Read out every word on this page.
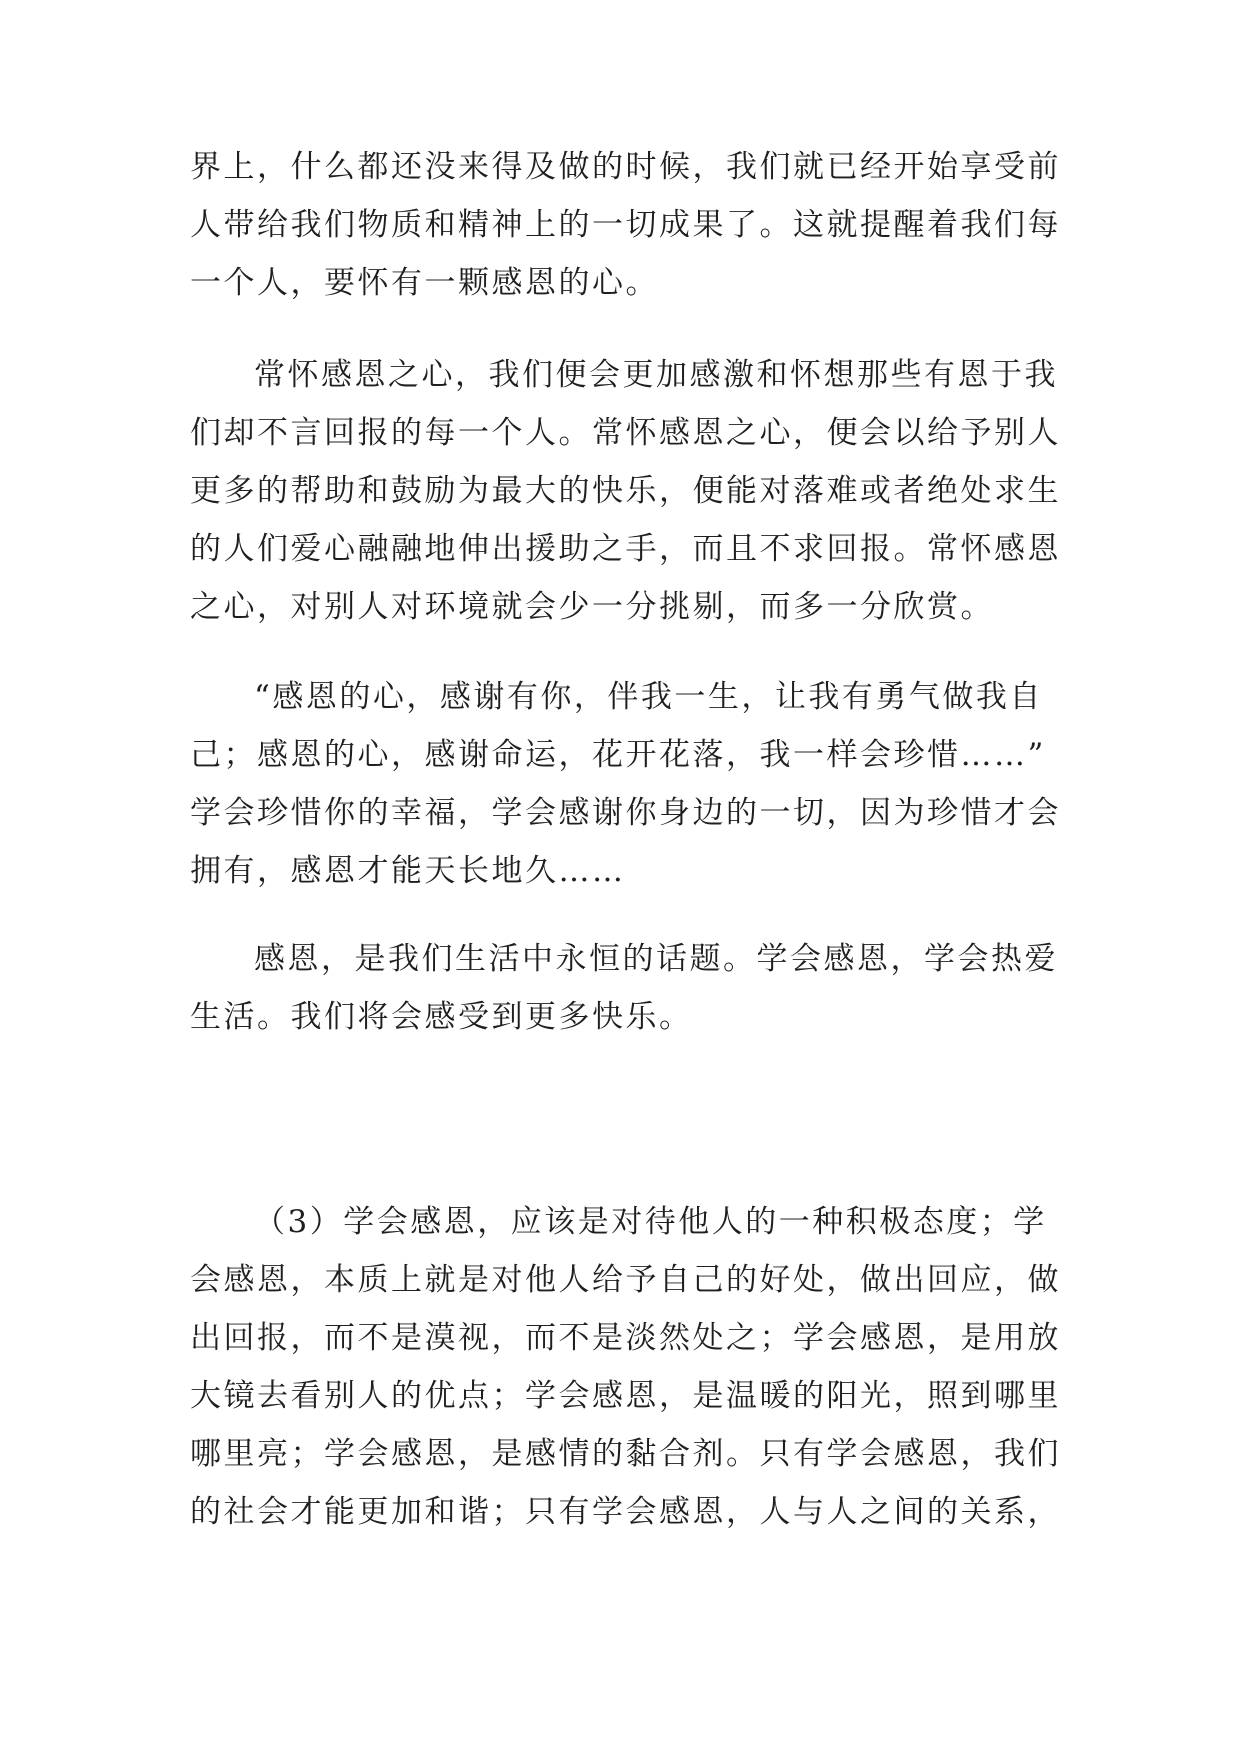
界上，什么都还没来得及做的时候，我们就已经开始享受前
人带给我们物质和精神上的一切成果了。这就提醒着我们每
一个人，要怀有一颗感恩的心。
常怀感恩之心，我们便会更加感激和怀想那些有恩于我
们却不言回报的每一个人。常怀感恩之心，便会以给予别人
更多的帮助和鼓励为最大的快乐，便能对落难或者绝处求生
的人们爱心融融地伸出援助之手，而且不求回报。常怀感恩
之心，对别人对环境就会少一分挑剔，而多一分欣赏。
“感恩的心，感谢有你，伴我一生，让我有勇气做我自
己；感恩的心，感谢命运，花开花落，我一样会珍惜……”
学会珍惜你的幸福，学会感谢你身边的一切，因为珍惜才会
拥有，感恩才能天长地久……
感恩，是我们生活中永恒的话题。学会感恩，学会热爱
生活。我们将会感受到更多快乐。
（3）学会感恩，应该是对待他人的一种积极态度；学
会感恩，本质上就是对他人给予自己的好处，做出回应，做
出回报，而不是漠视，而不是淡然处之；学会感恩，是用放
大镜去看别人的优点；学会感恩，是温暖的阳光，照到哪里
哪里亮；学会感恩，是感情的黏合剂。只有学会感恩，我们
的社会才能更加和谐；只有学会感恩，人与人之间的关系，
